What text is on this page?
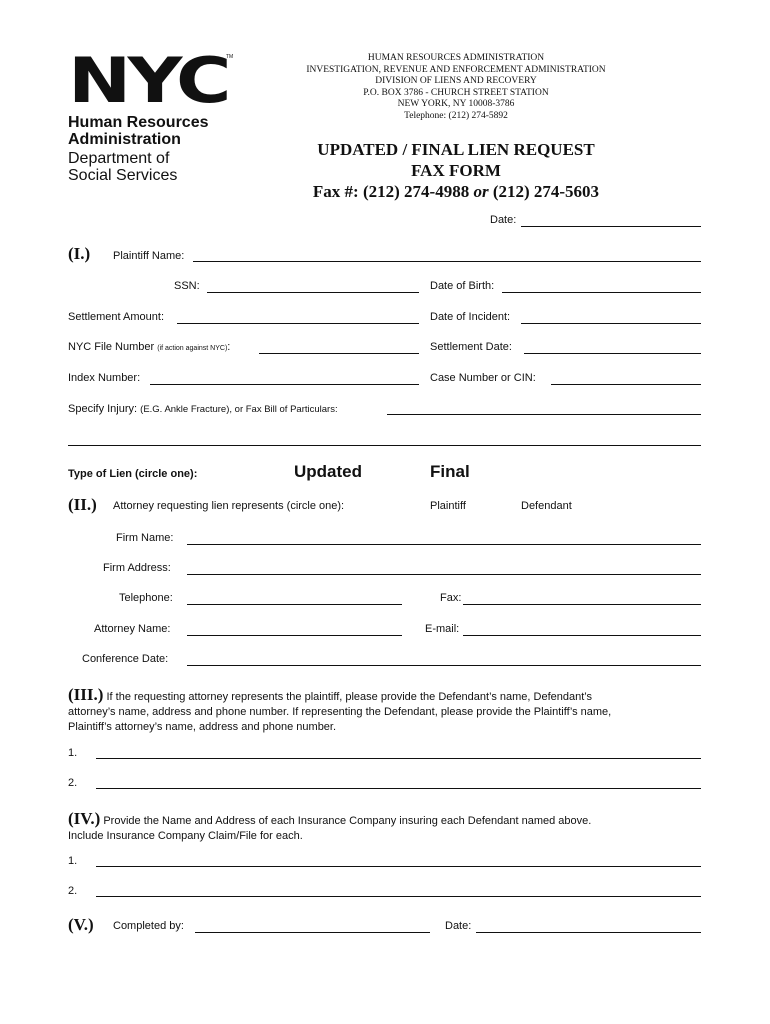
NYC
TM
Human Resources
Administration
Department of
Social Services
HUMAN RESOURCES ADMINISTRATION
INVESTIGATION, REVENUE AND ENFORCEMENT ADMINISTRATION
DIVISION OF LIENS AND RECOVERY
P.O. BOX 3786 - CHURCH STREET STATION
NEW YORK, NY 10008-3786
Telephone: (212) 274-5892
UPDATED / FINAL LIEN REQUEST
FAX FORM
Fax #: (212) 274-4988 or (212) 274-5603
Date:
(I.) Plaintiff Name:
SSN:	Date of Birth:
Settlement Amount:	Date of Incident:
NYC File Number (if action against NYC):	Settlement Date:
Index Number:	Case Number or CIN:
Specify Injury: (E.G. Ankle Fracture), or Fax Bill of Particulars:
Type of Lien (circle one):	Updated	Final
(II.) Attorney requesting lien represents (circle one):	Plaintiff	Defendant
Firm Name:
Firm Address:
Telephone:	Fax:
Attorney Name:	E-mail:
Conference Date:
(III.) If the requesting attorney represents the plaintiff, please provide the Defendant’s name, Defendant’s
attorney’s name, address and phone number. If representing the Defendant, please provide the Plaintiff’s name,
Plaintiff’s attorney’s name, address and phone number.
1.
2.
(IV.) Provide the Name and Address of each Insurance Company insuring each Defendant named above.
Include Insurance Company Claim/File for each.
1.
2.
(V.) Completed by:	Date:
